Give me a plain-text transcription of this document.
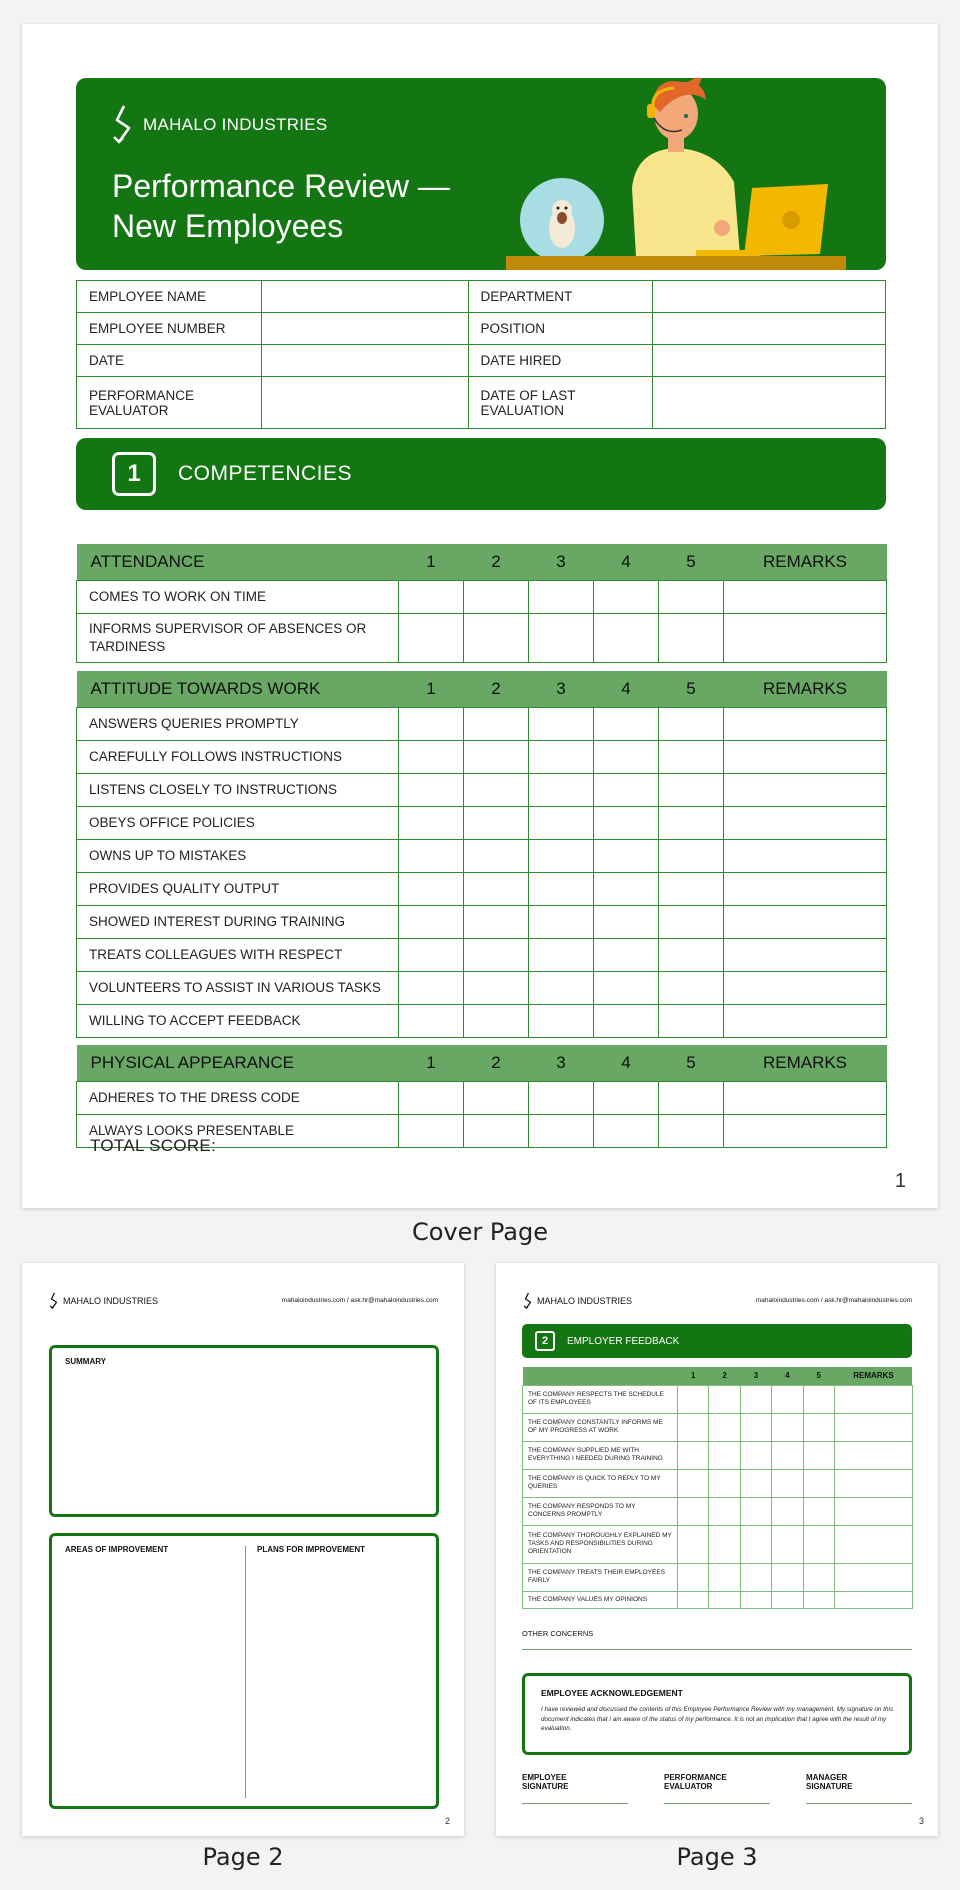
MAHALO INDUSTRIES
Performance Review —
New Employees
EMPLOYEE NAME		DEPARTMENT	
EMPLOYEE NUMBER		POSITION	
DATE		DATE HIRED	
PERFORMANCE EVALUATOR		DATE OF LAST EVALUATION	
1	COMPETENCIES
ATTENDANCE	1	2	3	4	5	REMARKS
COMES TO WORK ON TIME						
INFORMS SUPERVISOR OF ABSENCES OR TARDINESS						
ATTITUDE TOWARDS WORK	1	2	3	4	5	REMARKS
ANSWERS QUERIES PROMPTLY						
CAREFULLY FOLLOWS INSTRUCTIONS						
LISTENS CLOSELY TO INSTRUCTIONS						
OBEYS OFFICE POLICIES						
OWNS UP TO MISTAKES						
PROVIDES QUALITY OUTPUT						
SHOWED INTEREST DURING TRAINING						
TREATS COLLEAGUES WITH RESPECT						
VOLUNTEERS TO ASSIST IN VARIOUS TASKS						
WILLING TO ACCEPT FEEDBACK						
PHYSICAL APPEARANCE	1	2	3	4	5	REMARKS
ADHERES TO THE DRESS CODE						
ALWAYS LOOKS PRESENTABLE						
TOTAL SCORE:
1
Cover Page
MAHALO INDUSTRIES	mahaloindustries.com / ask.hr@mahaloindustries.com
SUMMARY
AREAS OF IMPROVEMENT	PLANS FOR IMPROVEMENT
2
Page 2
MAHALO INDUSTRIES	mahaloindustries.com / ask.hr@mahaloindustries.com
2	EMPLOYER FEEDBACK
	1	2	3	4	5	REMARKS
THE COMPANY RESPECTS THE SCHEDULE OF ITS EMPLOYEES						
THE COMPANY CONSTANTLY INFORMS ME OF MY PROGRESS AT WORK						
THE COMPANY SUPPLIED ME WITH EVERYTHING I NEEDED DURING TRAINING						
THE COMPANY IS QUICK TO REPLY TO MY QUERIES						
THE COMPANY RESPONDS TO MY CONCERNS PROMPTLY						
THE COMPANY THOROUGHLY EXPLAINED MY TASKS AND RESPONSIBILITIES DURING ORIENTATION						
THE COMPANY TREATS THEIR EMPLOYEES FAIRLY						
THE COMPANY VALUES MY OPINIONS						
OTHER CONCERNS
EMPLOYEE ACKNOWLEDGEMENT
I have reviewed and discussed the contents of this Employee Performance Review with my management. My signature on this document indicates that I am aware of the status of my performance. It is not an implication that I agree with the result of my evaluation.
EMPLOYEE
SIGNATURE
PERFORMANCE
EVALUATOR
MANAGER
SIGNATURE
3
Page 3
